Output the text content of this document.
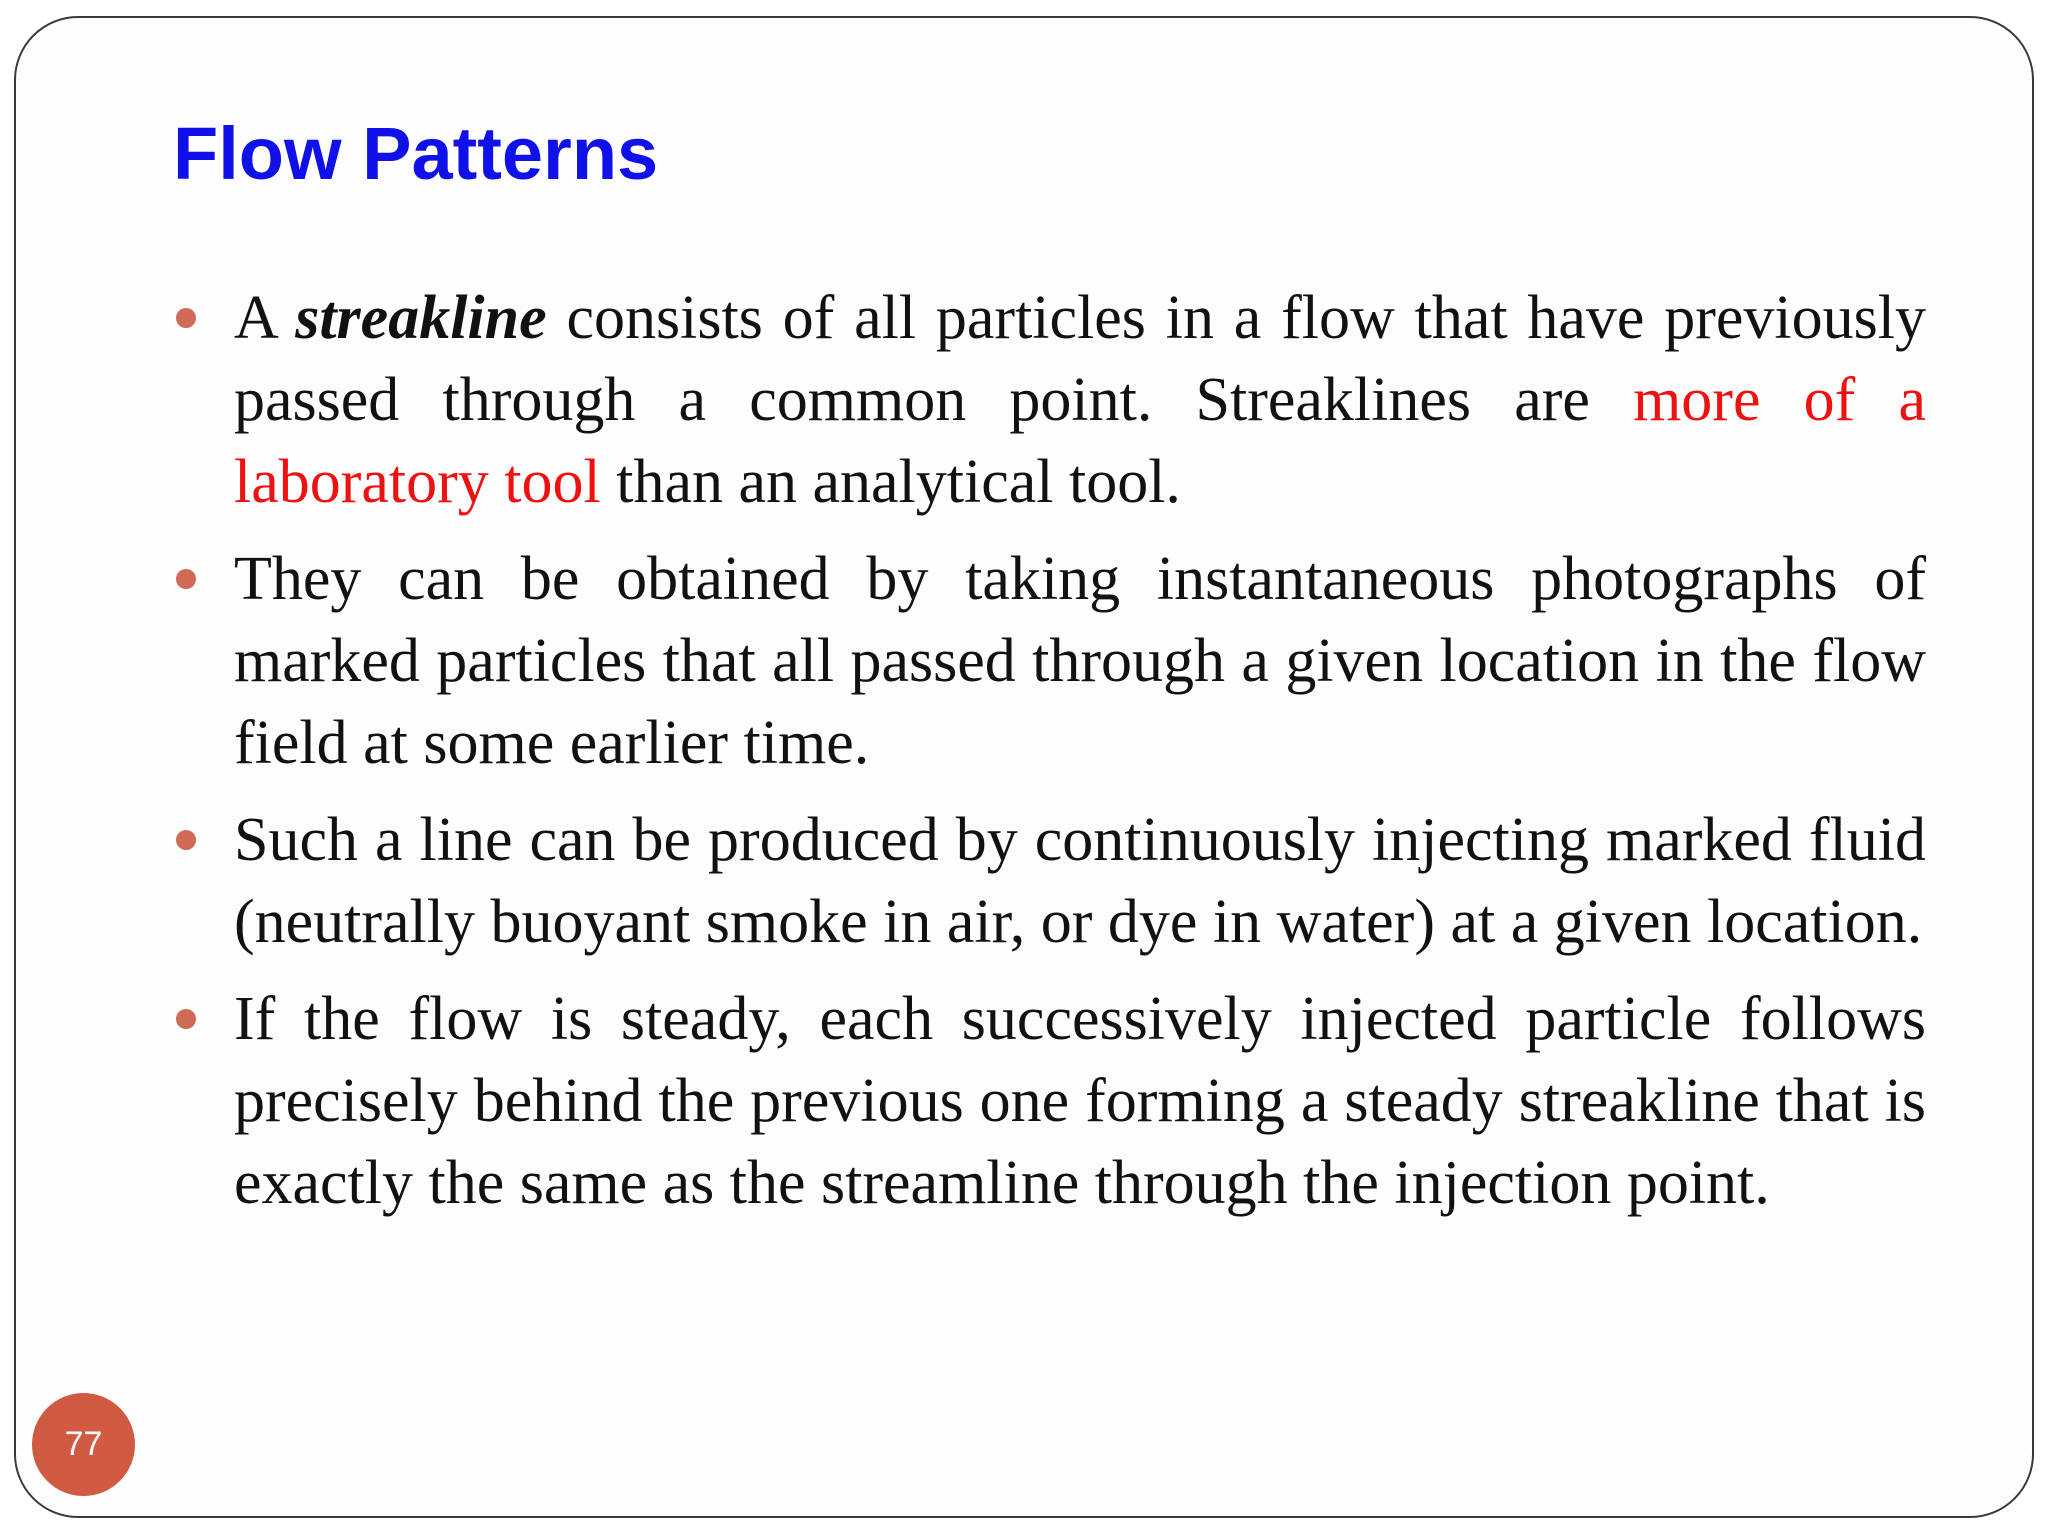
Flow Patterns
A streakline consists of all particles in a flow that have previously passed through a common point. Streaklines are more of a laboratory tool than an analytical tool.
They can be obtained by taking instantaneous photographs of marked particles that all passed through a given location in the flow field at some earlier time.
Such a line can be produced by continuously injecting marked fluid (neutrally buoyant smoke in air, or dye in water) at a given location.
If the flow is steady, each successively injected particle follows precisely behind the previous one forming a steady streakline that is exactly the same as the streamline through the injection point.
77
